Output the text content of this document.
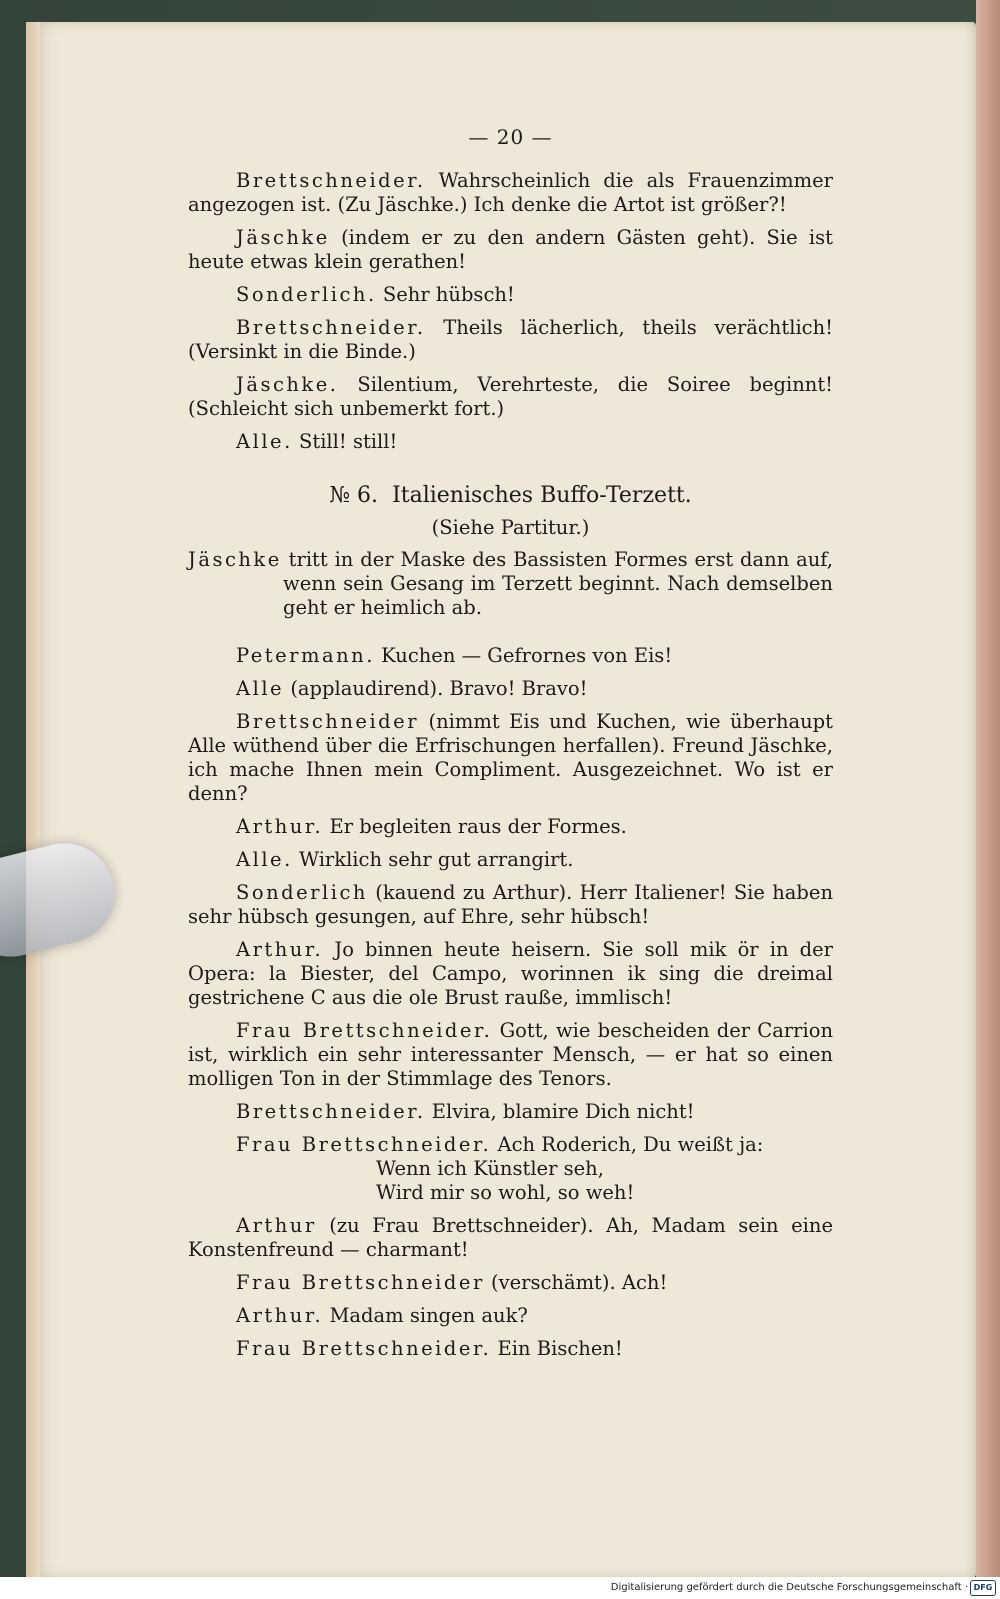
— 20 —

Brettschneider. Wahrscheinlich die als Frauenzimmer angezogen ist. (Zu Jäschke.) Ich denke die Artot ist größer?!

Jäschke (indem er zu den andern Gästen geht). Sie ist heute etwas klein gerathen!

Sonderlich. Sehr hübsch!

Brettschneider. Theils lächerlich, theils verächtlich! (Versinkt in die Binde.)

Jäschke. Silentium, Verehrteste, die Soiree beginnt! (Schleicht sich unbemerkt fort.)

Alle. Still! still!

№ 6. Italienisches Buffo-Terzett.
(Siehe Partitur.)

Jäschke tritt in der Maske des Bassisten Formes erst dann auf, wenn sein Gesang im Terzett beginnt. Nach demselben geht er heimlich ab.

Petermann. Kuchen — Gefrornes von Eis!

Alle (applaudirend). Bravo! Bravo!

Brettschneider (nimmt Eis und Kuchen, wie überhaupt Alle wüthend über die Erfrischungen herfallen). Freund Jäschke, ich mache Ihnen mein Compliment. Ausgezeichnet. Wo ist er denn?

Arthur. Er begleiten raus der Formes.

Alle. Wirklich sehr gut arrangirt.

Sonderlich (kauend zu Arthur). Herr Italiener! Sie haben sehr hübsch gesungen, auf Ehre, sehr hübsch!

Arthur. Jo binnen heute heisern. Sie soll mik ör in der Opera: la Biester, del Campo, worinnen ik sing die dreimal gestrichene C aus die ole Brust rauße, immlisch!

Frau Brettschneider. Gott, wie bescheiden der Carrion ist, wirklich ein sehr interessanter Mensch, — er hat so einen molligen Ton in der Stimmlage des Tenors.

Brettschneider. Elvira, blamire Dich nicht!

Frau Brettschneider. Ach Roderich, Du weißt ja:

Wenn ich Künstler seh,

Wird mir so wohl, so weh!

Arthur (zu Frau Brettschneider). Ah, Madam sein eine Konstenfreund — charmant!

Frau Brettschneider (verschämt). Ach!

Arthur. Madam singen auk?

Frau Brettschneider. Ein Bischen!

Digitalisierung gefördert durch die Deutsche Forschungsgemeinschaft · DFG
